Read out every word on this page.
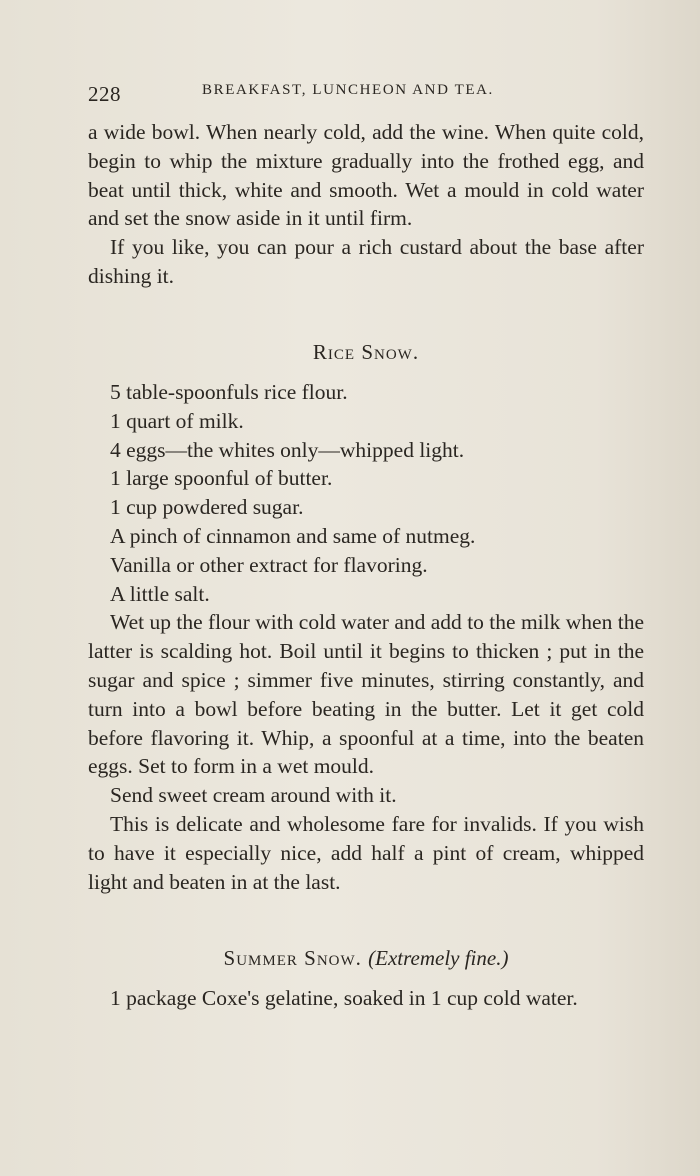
228	BREAKFAST, LUNCHEON AND TEA.

a wide bowl. When nearly cold, add the wine. When quite cold, begin to whip the mixture gradually into the frothed egg, and beat until thick, white and smooth. Wet a mould in cold water and set the snow aside in it until firm.

If you like, you can pour a rich custard about the base after dishing it.

Rice Snow.

5 table-spoonfuls rice flour.

1 quart of milk.

4 eggs—the whites only—whipped light.

1 large spoonful of butter.

1 cup powdered sugar.

A pinch of cinnamon and same of nutmeg.

Vanilla or other extract for flavoring.

A little salt.

Wet up the flour with cold water and add to the milk when the latter is scalding hot. Boil until it begins to thicken ; put in the sugar and spice ; simmer five minutes, stirring constantly, and turn into a bowl before beating in the butter. Let it get cold before flavoring it. Whip, a spoonful at a time, into the beaten eggs. Set to form in a wet mould.

Send sweet cream around with it.

This is delicate and wholesome fare for invalids. If you wish to have it especially nice, add half a pint of cream, whipped light and beaten in at the last.

Summer Snow. (Extremely fine.)

1 package Coxe's gelatine, soaked in 1 cup cold water.
